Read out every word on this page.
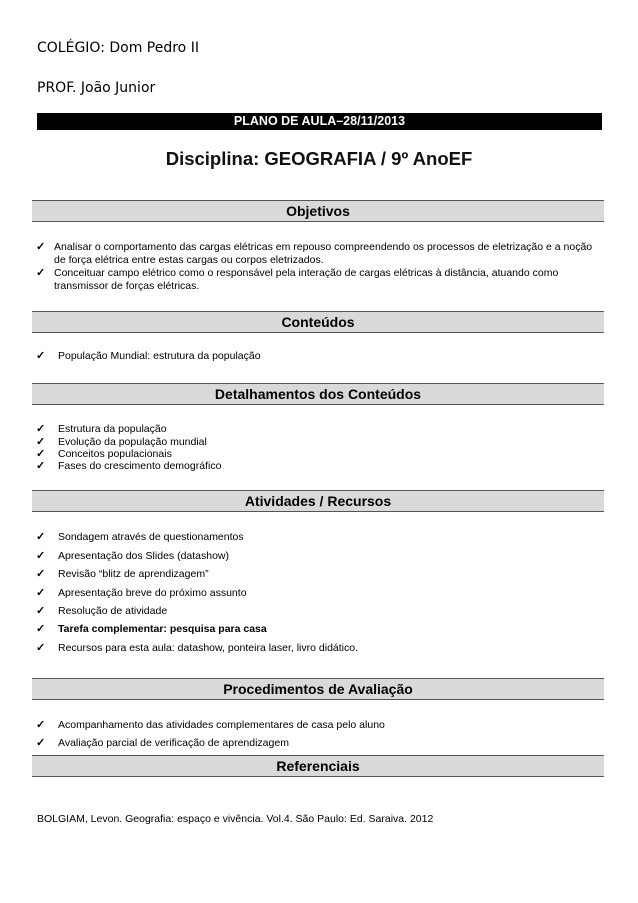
COLÉGIO: Dom Pedro II
PROF. João Junior
PLANO DE AULA–28/11/2013
Disciplina: GEOGRAFIA / 9º AnoEF
Objetivos
✓ Analisar o comportamento das cargas elétricas em repouso compreendendo os processos de eletrização e a noção de força elétrica entre estas cargas ou corpos eletrizados.
✓ Conceituar campo elétrico como o responsável pela interação de cargas elétricas à distância, atuando como transmissor de forças elétricas.
Conteúdos
✓	População Mundial: estrutura da população
Detalhamentos dos Conteúdos
✓	Estrutura da população
✓	Evolução da população mundial
✓	Conceitos populacionais
✓	Fases do crescimento demográfico
Atividades / Recursos
✓	Sondagem através de questionamentos
✓	Apresentação dos Slides (datashow)
✓	Revisão “blitz de aprendizagem”
✓	Apresentação breve do próximo assunto
✓	Resolução de atividade
✓	Tarefa complementar: pesquisa para casa
✓	Recursos para esta aula: datashow, ponteira laser, livro didático.
Procedimentos de Avaliação
✓	Acompanhamento das atividades complementares de casa pelo aluno
✓	Avaliação parcial de verificação de aprendizagem
Referenciais
BOLGIAM, Levon. Geografia: espaço e vivência. Vol.4. São Paulo: Ed. Saraiva. 2012
